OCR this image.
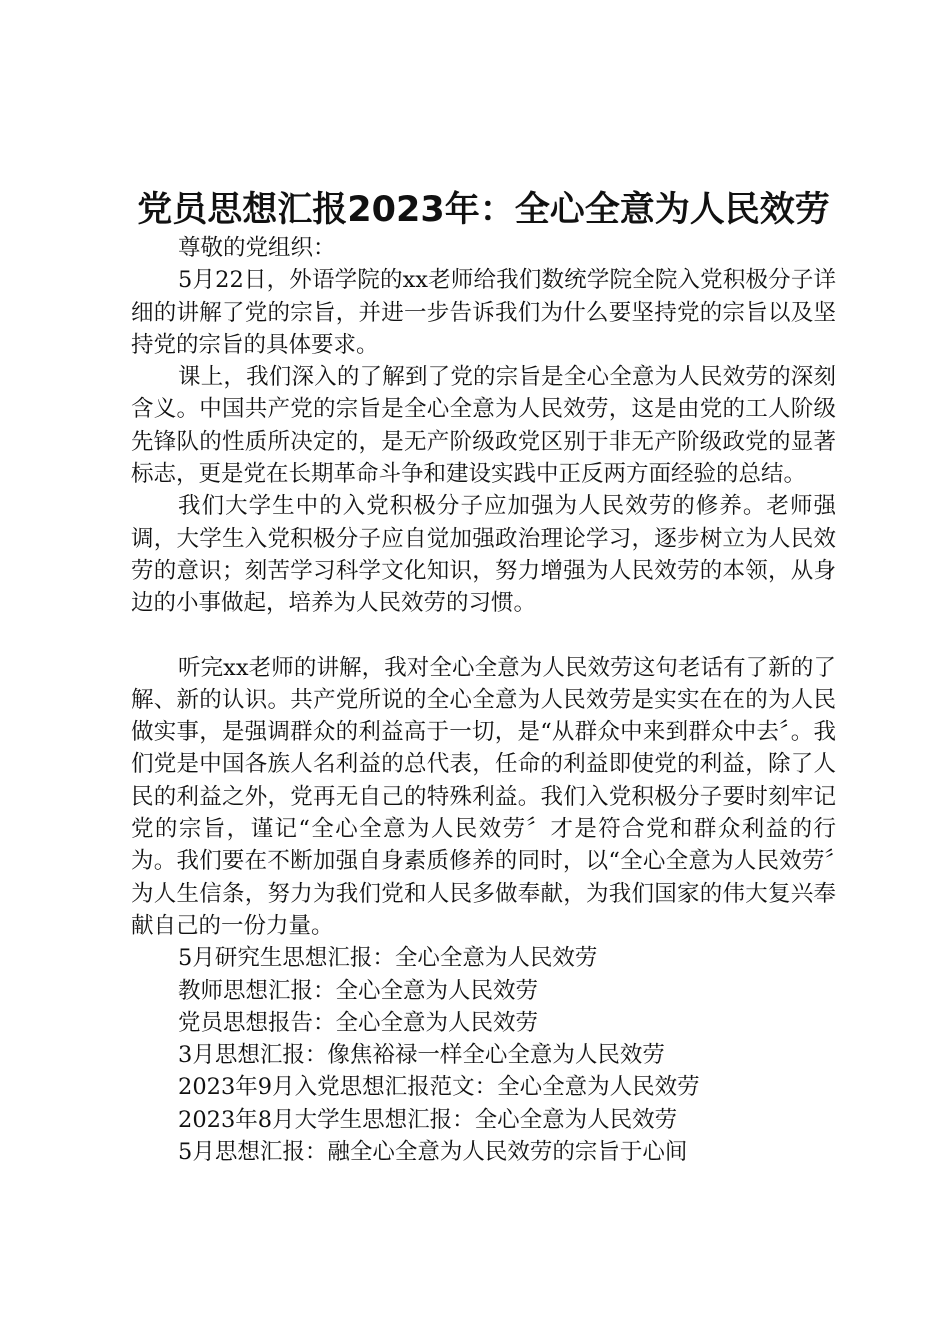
党员思想汇报2023年：全心全意为人民效劳

尊敬的党组织：

5月22日，外语学院的xx老师给我们数统学院全院入党积极分子详细的讲解了党的宗旨，并进一步告诉我们为什么要坚持党的宗旨以及坚持党的宗旨的具体要求。

课上，我们深入的了解到了党的宗旨是全心全意为人民效劳的深刻含义。中国共产党的宗旨是全心全意为人民效劳，这是由党的工人阶级先锋队的性质所决定的，是无产阶级政党区别于非无产阶级政党的显著标志，更是党在长期革命斗争和建设实践中正反两方面经验的总结。

我们大学生中的入党积极分子应加强为人民效劳的修养。老师强调，大学生入党积极分子应自觉加强政治理论学习，逐步树立为人民效劳的意识；刻苦学习科学文化知识，努力增强为人民效劳的本领，从身边的小事做起，培养为人民效劳的习惯。

听完xx老师的讲解，我对全心全意为人民效劳这句老话有了新的了解、新的认识。共产党所说的全心全意为人民效劳是实实在在的为人民做实事，是强调群众的利益高于一切，是“从群众中来到群众中去〞。我们党是中国各族人名利益的总代表，任命的利益即使党的利益，除了人民的利益之外，党再无自己的特殊利益。我们入党积极分子要时刻牢记党的宗旨，谨记“全心全意为人民效劳〞才是符合党和群众利益的行为。我们要在不断加强自身素质修养的同时，以“全心全意为人民效劳〞为人生信条，努力为我们党和人民多做奉献，为我们国家的伟大复兴奉献自己的一份力量。

5月研究生思想汇报：全心全意为人民效劳
教师思想汇报：全心全意为人民效劳
党员思想报告：全心全意为人民效劳
3月思想汇报：像焦裕禄一样全心全意为人民效劳
2023年9月入党思想汇报范文：全心全意为人民效劳
2023年8月大学生思想汇报：全心全意为人民效劳
5月思想汇报：融全心全意为人民效劳的宗旨于心间
